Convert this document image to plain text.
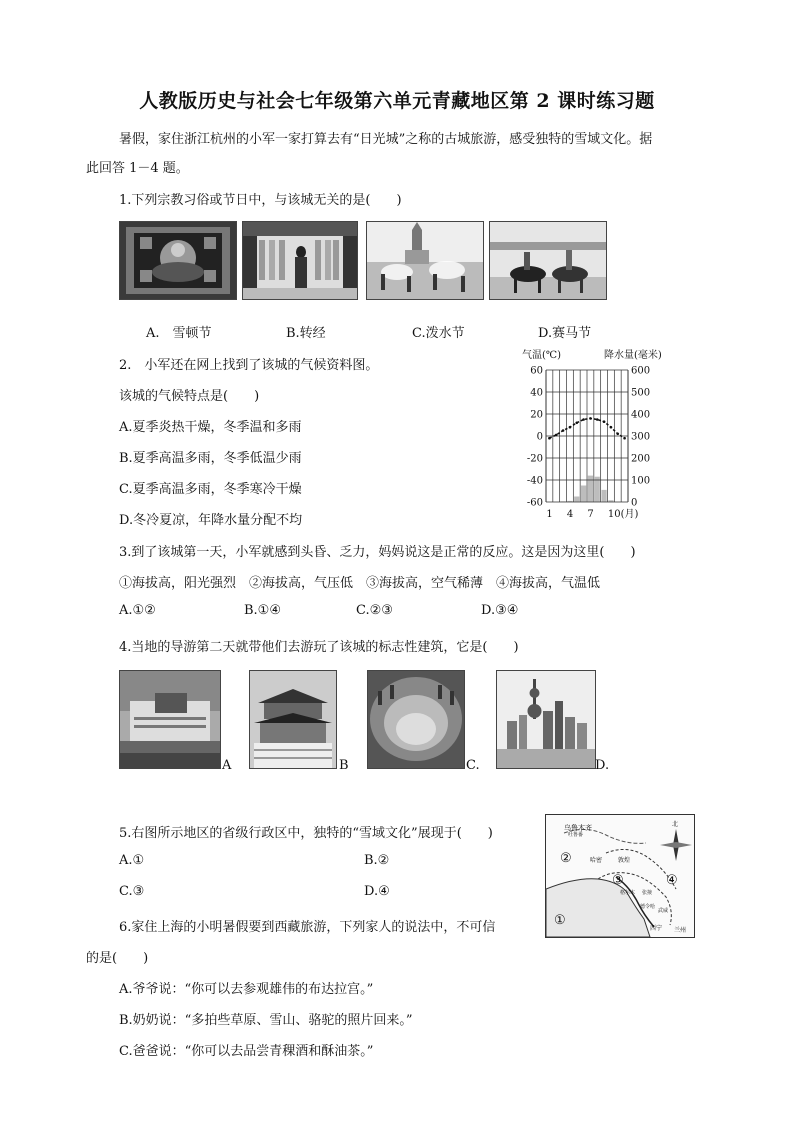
人教版历史与社会七年级第六单元青藏地区第 2 课时练习题
暑假，家住浙江杭州的小军一家打算去有“日光城”之称的古城旅游，感受独特的雪域文化。据
此回答 1－4 题。
1.下列宗教习俗或节日中，与该城无关的是(　　)
A.　雪顿节	B.转经	C.泼水节	D.赛马节
2.　小军还在网上找到了该城的气候资料图。
该城的气候特点是(　　)
A.夏季炎热干燥，冬季温和多雨
B.夏季高温多雨，冬季低温少雨
C.夏季高温多雨，冬季寒冷干燥
D.冬冷夏凉，年降水量分配不均
气温(℃)	降水量(毫米)
60	600
40	500
20	400
0	300
-20	200
-40	100
-60	0
1 4 7 10(月)
3.到了该城第一天，小军就感到头昏、乏力，妈妈说这是正常的反应。这是因为这里(　　)
①海拔高，阳光强烈　②海拔高，气压低　③海拔高，空气稀薄　④海拔高，气温低
A.①②	B.①④	C.②③	D.③④
4.当地的导游第二天就带他们去游玩了该城的标志性建筑，它是(　　)
A	B	C.	D.
5.右图所示地区的省级行政区中，独特的“雪域文化”展现于(　　)
A.①	B.②
C.③	D.④
乌鲁木齐
吐鲁番
哈密	敦煌
格尔木
德令哈
西宁 兰州
武威
张掖
北
①
②
③	④
6.家住上海的小明暑假要到西藏旅游，下列家人的说法中，不可信
的是(　　)
A.爷爷说：“你可以去参观雄伟的布达拉宫。”
B.奶奶说：“多拍些草原、雪山、骆驼的照片回来。”
C.爸爸说：“你可以去品尝青稞酒和酥油茶。”
